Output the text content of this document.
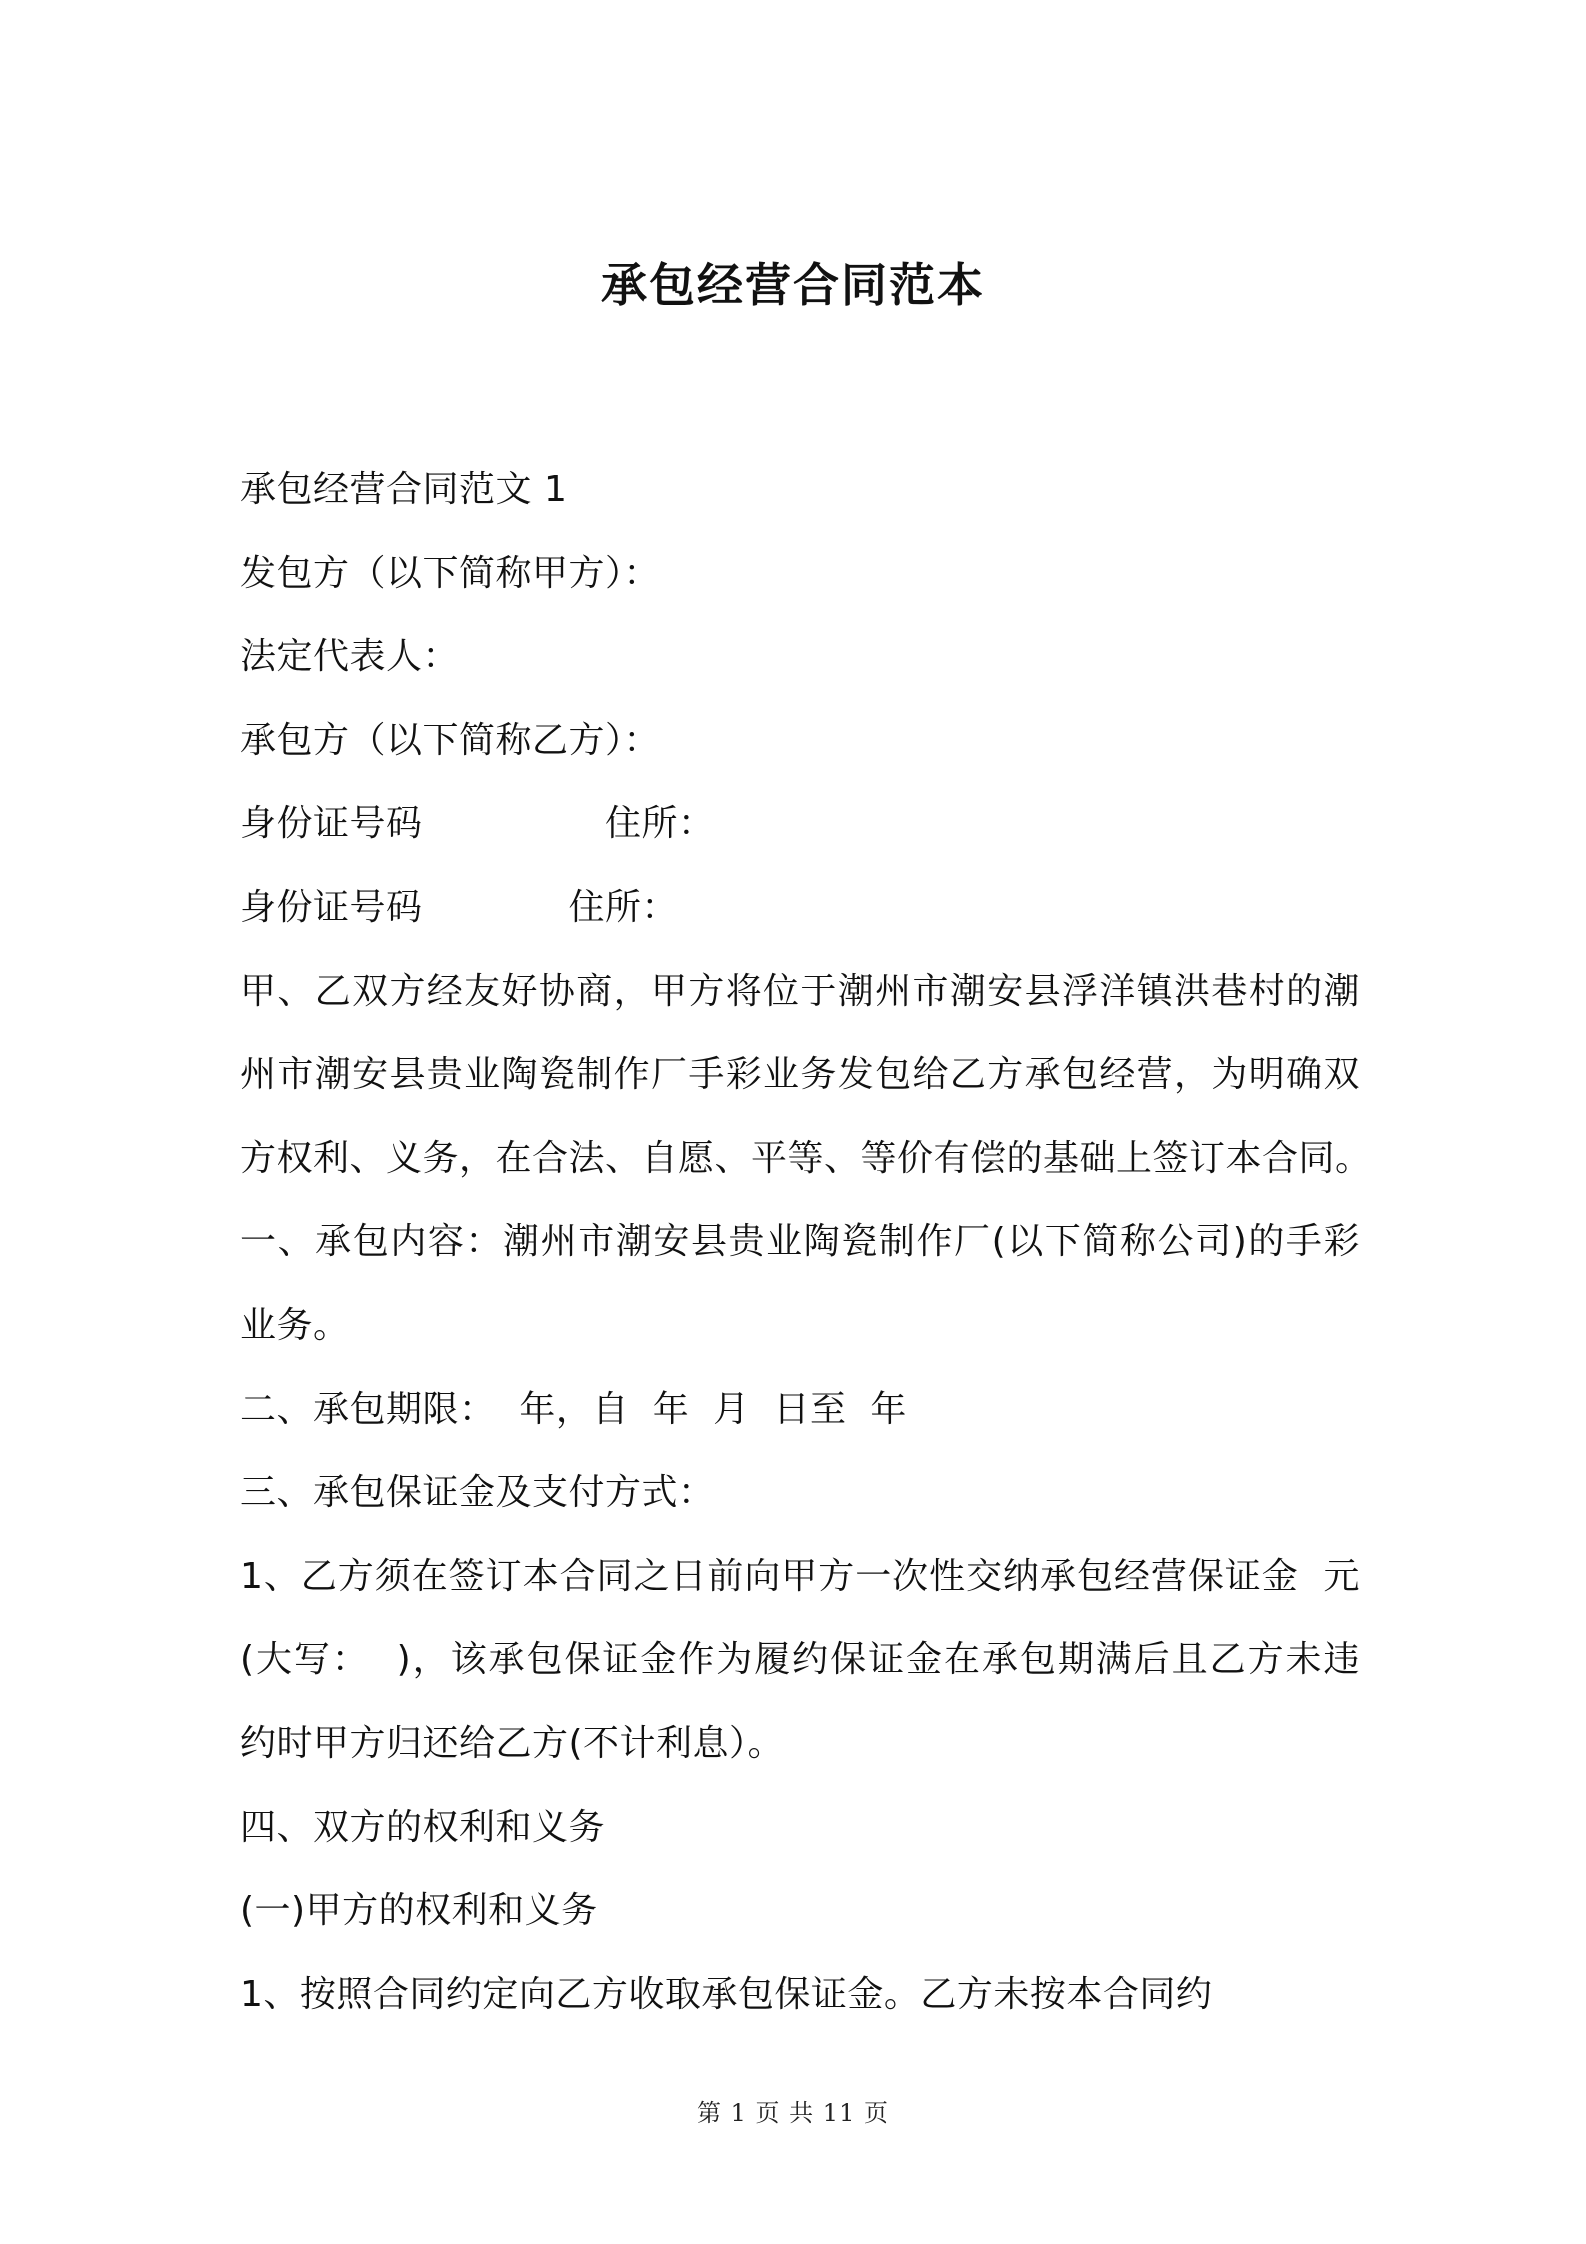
承包经营合同范本
承包经营合同范文 1
发包方（以下简称甲方）：
法定代表人：
承包方（以下简称乙方）：
身份证号码　　　　　住所：
身份证号码　　　　住所：
甲、乙双方经友好协商，甲方将位于潮州市潮安县浮洋镇洪巷村的潮
州市潮安县贵业陶瓷制作厂手彩业务发包给乙方承包经营，为明确双
方权利、义务，在合法、自愿、平等、等价有偿的基础上签订本合同。
一、承包内容：潮州市潮安县贵业陶瓷制作厂(以下简称公司)的手彩
业务。
二、承包期限：  年，自  年  月  日至  年
三、承包保证金及支付方式：
1、乙方须在签订本合同之日前向甲方一次性交纳承包经营保证金  元
(大写：  )，该承包保证金作为履约保证金在承包期满后且乙方未违
约时甲方归还给乙方(不计利息）。
四、双方的权利和义务
(一)甲方的权利和义务
1、按照合同约定向乙方收取承包保证金。乙方未按本合同约
第 1 页 共 11 页
